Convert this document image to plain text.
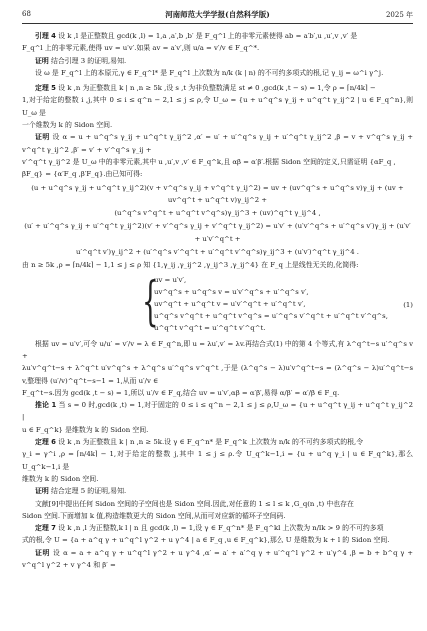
68	河南师范大学学报(自然科学版)	2025 年

引理 4 设 k ,l 是正整数且 gcd(k ,l) = 1,a ,a′,b ,b′ 是 F_q^l 上的非零元素使得 ab = a′b′,u ,u′,v ,v′ 是

F_q^l 上的非零元素,使得 uv = u′v′.如果 av = a′v′,则 u/a = v′/v ∈ F_q^*.

证明 结合引理 3 的证明,易知.

设 ω 是 F_q^l 上的本原元,γ ∈ F_q^l* 是 F_q^l 上次数为 n/k (k | n) 的不可约多项式的根,记 γ_ij = ω^i γ^j.

定理 5 设 k ,n 为正整数且 k | n ,n ≥ 5k ,设 s ,t 为非负整数满足 st ≠ 0 ,gcd(k ,t − s) = 1,令 ρ = ⌈n/4k⌉ −

1,对于给定的整数 i ,j,其中 0 ≤ i ≤ q^n − 2,1 ≤ j ≤ ρ,令 U_ω = {u + u^q^s γ_ij + u^q^t γ_ij^2 | u ∈ F_q^n},则 U_ω 是

一个维数为 k 的 Sidon 空间.

证明 设 α = u + u^q^s γ_ij + u^q^t γ_ij^2 ,α′ = u′ + u′^q^s γ_ij + u′^q^t γ_ij^2 ,β = v + v^q^s γ_ij + v^q^t γ_ij^2 ,β′ = v′ + v′^q^s γ_ij +

v′^q^t γ_ij^2 是 U_ω 中的非零元素,其中 u ,u′,v ,v′ ∈ F_q^k,且 αβ = α′β′.根据 Sidon 空间的定义,只需证明 {αF_q ,

βF_q} = {α′F_q ,β′F_q}.由已知可得:

(u + u^q^s γ_ij + u^q^t γ_ij^2)(v + v^q^s γ_ij + v^q^t γ_ij^2) = uv + (uv^q^s + u^q^s v)γ_ij + (uv + uv^q^t + u^q^t v)γ_ij^2 +

(u^q^s v^q^t + u^q^t v^q^s)γ_ij^3 + (uv)^q^t γ_ij^4 ,

(u′ + u′^q^s γ_ij + u′^q^t γ_ij^2)(v′ + v′^q^s γ_ij + v′^q^t γ_ij^2) = u′v′ + (u′v′^q^s + u′^q^s v′)γ_ij + (u′v′ + u′v′^q^t +

u′^q^t v′)γ_ij^2 + (u′^q^s v′^q^t + u′^q^t v′^q^s)γ_ij^3 + (u′v′)^q^t γ_ij^4 .

由 n ≥ 5k ,ρ = ⌈n/4k⌉ − 1,1 ≤ j ≤ ρ 知 {1,γ_ij ,γ_ij^2 ,γ_ij^3 ,γ_ij^4} 在 F_q 上是线性无关的,化简得:

{
uv = u′v′,
uv^q^s + u^q^s v = u′v′^q^s + u′^q^s v′,
uv^q^t + u^q^t v = u′v′^q^t + u′^q^t v′,
u^q^s v^q^t + u^q^t v^q^s = u′^q^s v′^q^t + u′^q^t v′^q^s,
u^q^t v^q^t = u′^q^t v′^q^t.
(1)

根据 uv = u′v′,可令 u/u′ = v′/v = λ ∈ F_q^n,即 u = λu′,v′ = λv.再结合式(1) 中的第 4 个等式,有 λ^q^t−s u′^q^s v +

λu′v^q^t−s + λ^q^t u′v^q^s + λ^q^s u′^q^s v^q^t ,于是 (λ^q^s − λ)u′v^q^t−s = (λ^q^s − λ)u′^q^t−s v,整理得 (u′/v)^q^t−s−1 = 1,从而 u′/v ∈

F_q^t−s.因为 gcd(k ,t − s) = 1,所以 u′/v ∈ F_q,结合 uv = u′v′,αβ = α′β′,易得 α/β′ = α′/β ∈ F_q.

推论 1 当 s = 0 时,gcd(k ,t) = 1,对于固定的 0 ≤ i ≤ q^n − 2,1 ≤ j ≤ ρ,U_ω = {u + u^q^t γ_ij + u^q^t γ_ij^2 |

u ∈ F_q^k} 是维数为 k 的 Sidon 空间.

定理 6 设 k ,n 为正整数且 k | n ,n ≥ 5k.设 γ ∈ F_q^n* 是 F_q^k 上次数为 n/k 的不可约多项式的根,令

γ_i = γ^i ,ρ = ⌈n/4k⌉ − 1,对于给定的整数 j,其中 1 ≤ j ≤ ρ.令 U_q^k−1,i = {u + u^q γ_i | u ∈ F_q^k},那么 U_q^k−1,i 是

维数为 k 的 Sidon 空间.

证明 结合定理 5 的证明,易知.

文献[9]中提出任何 Sidon 空间的子空间也是 Sidon 空间.因此,对任意的 1 ≤ l ≤ k ,G_q(n ,t) 中也存在

Sidon 空间.下面增加 k 值,构造维数更大的 Sidon 空间,从而可对应新的循环子空间码.

定理 7 设 k ,n ,l 为正整数,k l | n 且 gcd(k ,l) = 1,设 γ ∈ F_q^n* 是 F_q^kl 上次数为 n/lk > 9 的不可约多项

式的根,令 U = {a + a^q γ + u^q^l γ^2 + u γ^4 | a ∈ F_q ,u ∈ F_q^k},那么 U 是维数为 k + l 的 Sidon 空间.

证明 设 α = a + a^q γ + u^q^l γ^2 + u γ^4 ,α′ = a′ + a′^q γ + u′^q^l γ^2 + u′γ^4 ,β = b + b^q γ + v^q^l γ^2 + v γ^4 和 β′ =
